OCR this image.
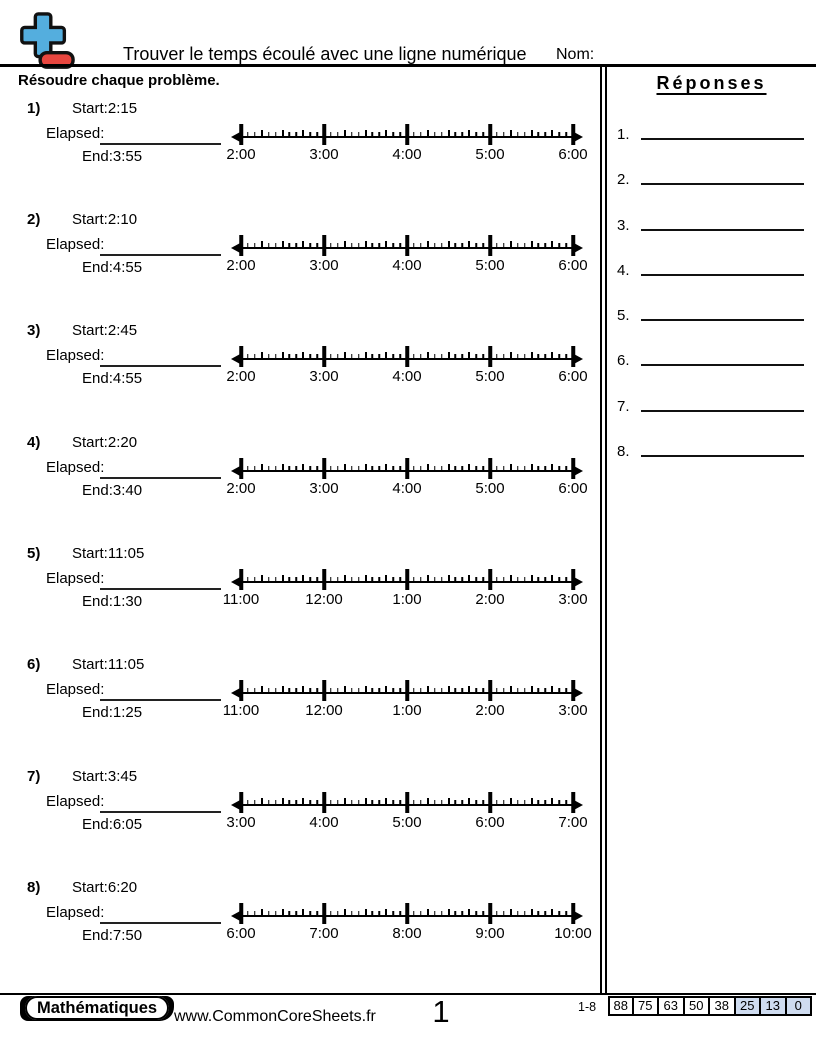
Trouver le temps écoulé avec une ligne numérique Nom:
Résoudre chaque problème.
1) Start:2:15
Elapsed:
End:3:55	2:00	3:00	4:00	5:00	6:00
2) Start:2:10
Elapsed:
End:4:55	2:00	3:00	4:00	5:00	6:00
3) Start:2:45
Elapsed:
End:4:55	2:00	3:00	4:00	5:00	6:00
4) Start:2:20
Elapsed:
End:3:40	2:00	3:00	4:00	5:00	6:00
5) Start:11:05
Elapsed:
End:1:30	11:00	12:00	1:00	2:00	3:00
6) Start:11:05
Elapsed:
End:1:25	11:00	12:00	1:00	2:00	3:00
7) Start:3:45
Elapsed:
End:6:05	3:00	4:00	5:00	6:00	7:00
8) Start:6:20
Elapsed:
End:7:50	6:00	7:00	8:00	9:00	10:00
Réponses
1.
2.
3.
4.
5.
6.
7.
8.
Mathématiques	www.CommonCoreSheets.fr	1	1-8	88 75 63 50 38 25 13	0
